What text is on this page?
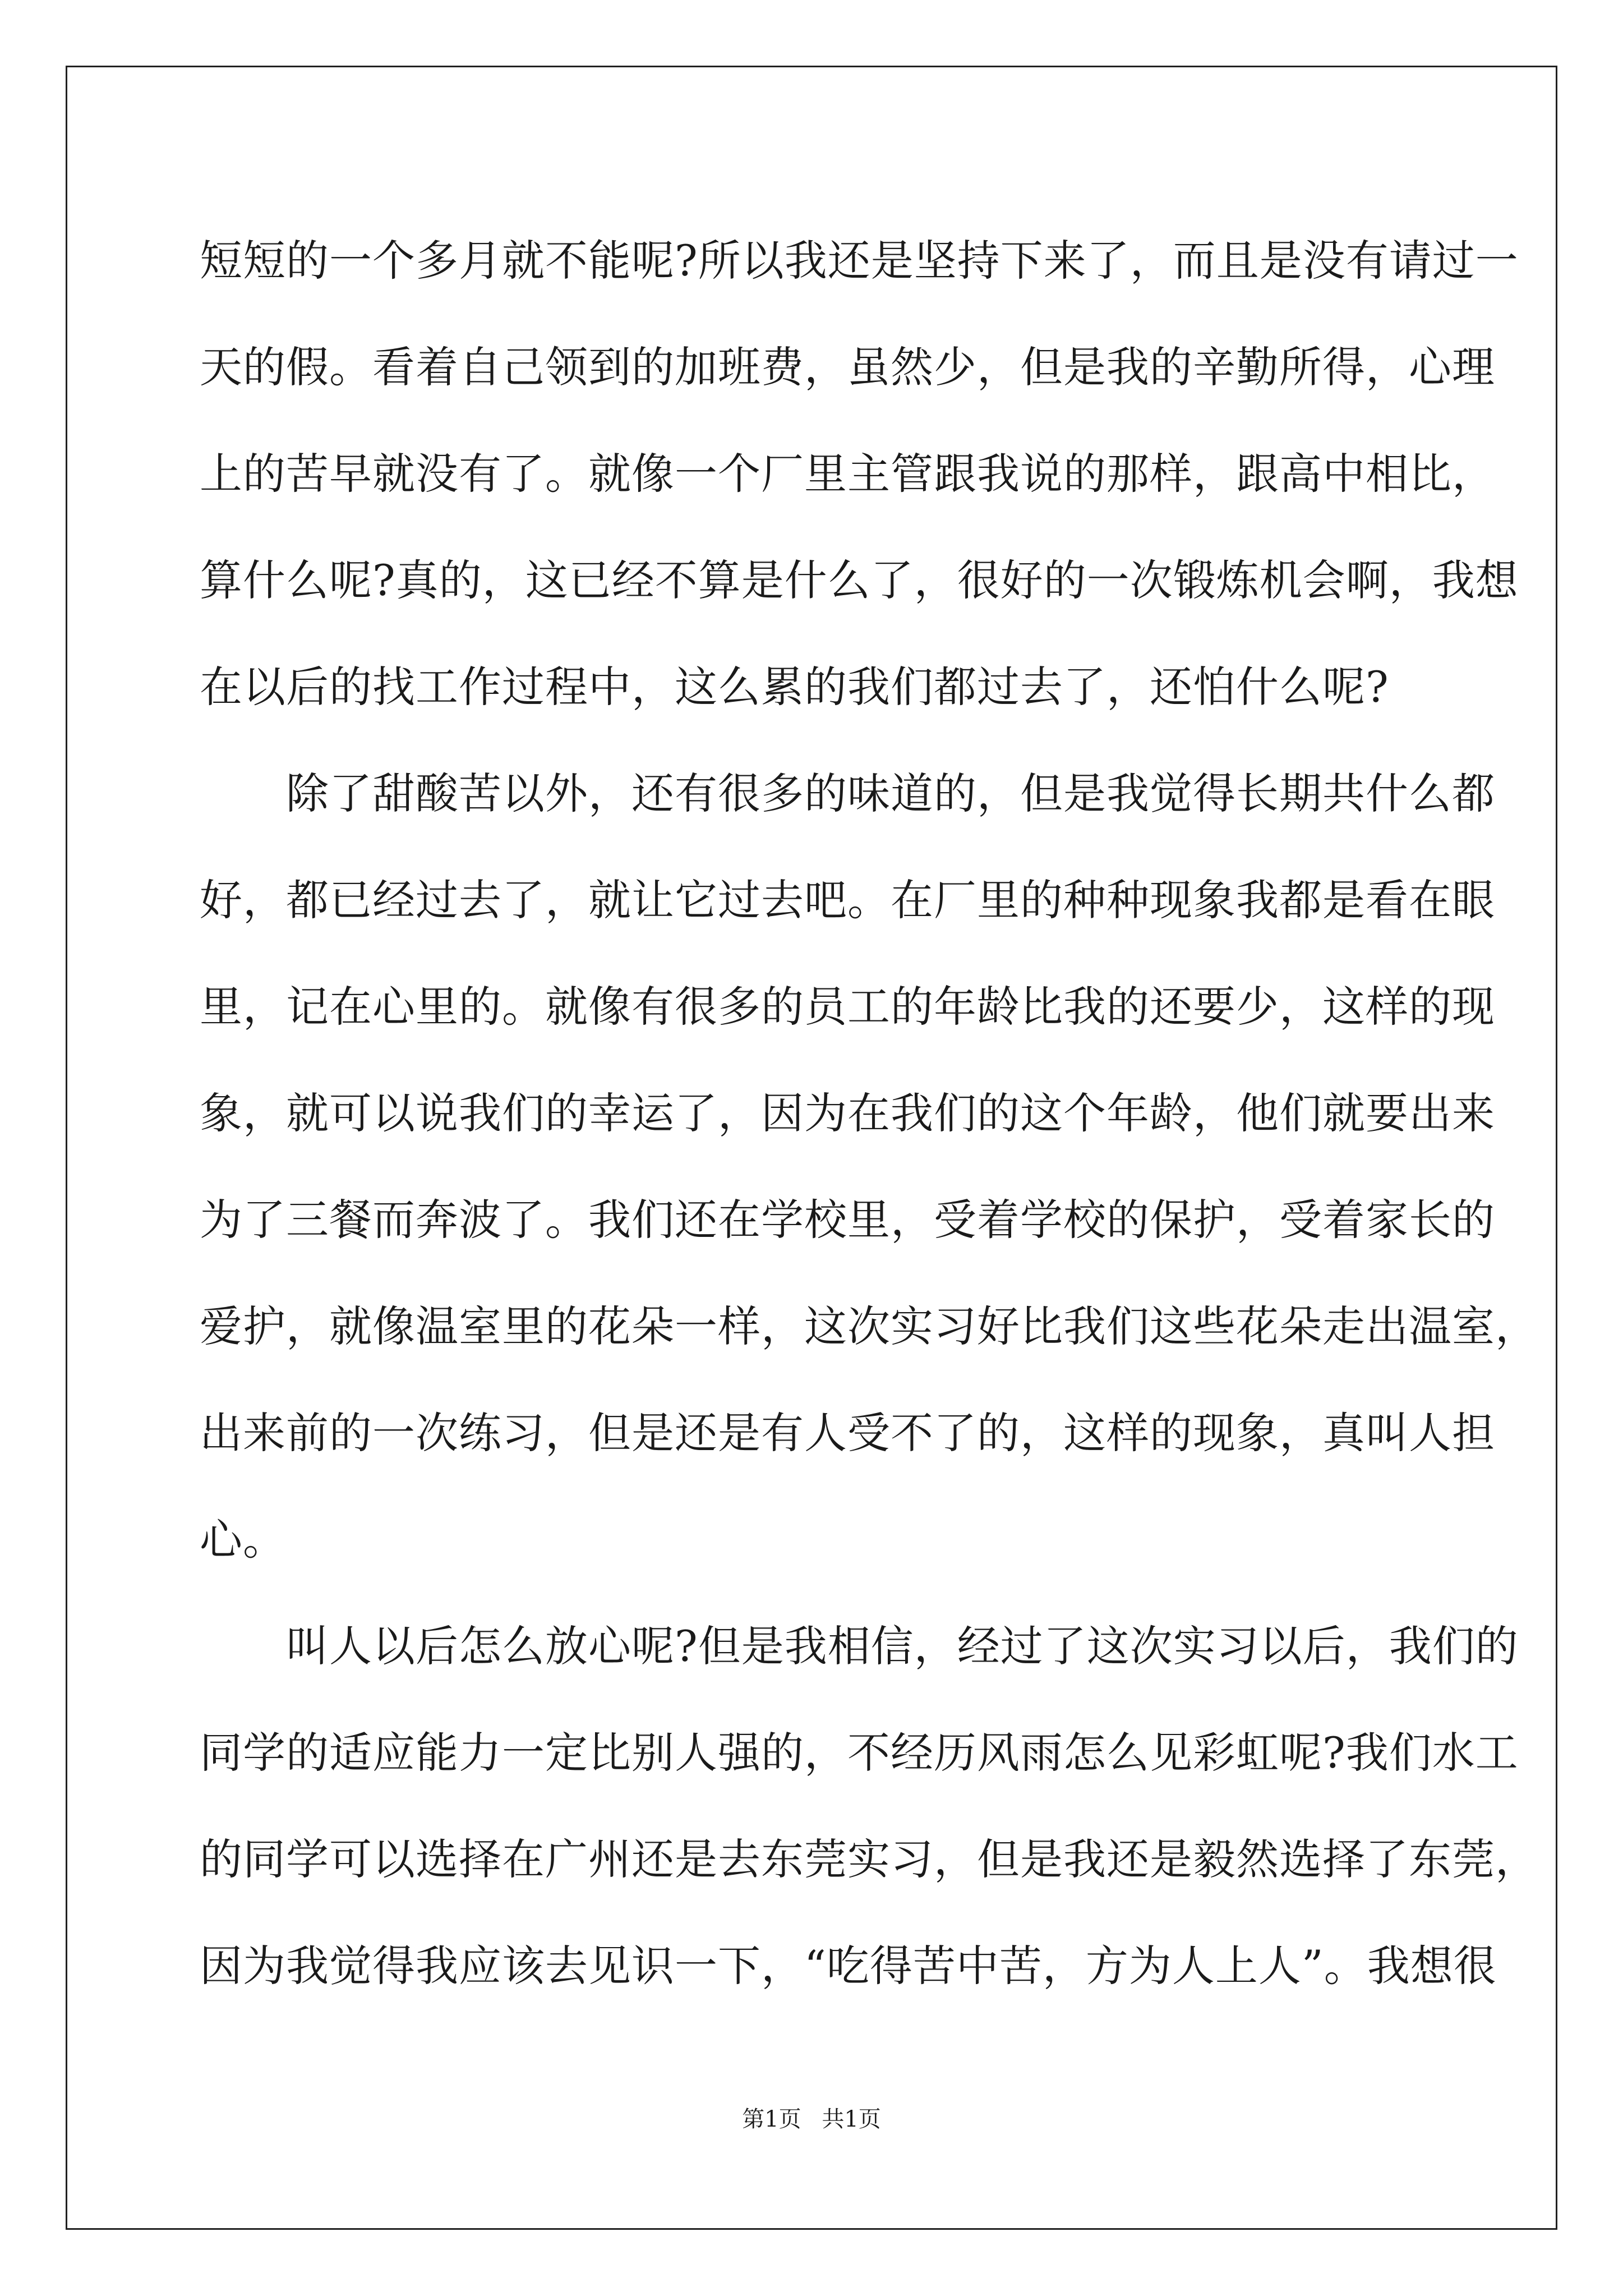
短短的一个多月就不能呢?所以我还是坚持下来了，而且是没有请过一
天的假。看着自己领到的加班费，虽然少，但是我的辛勤所得，心理
上的苦早就没有了。就像一个厂里主管跟我说的那样，跟高中相比，
算什么呢?真的，这已经不算是什么了，很好的一次锻炼机会啊，我想
在以后的找工作过程中，这么累的我们都过去了，还怕什么呢?
　　除了甜酸苦以外，还有很多的味道的，但是我觉得长期共什么都
好，都已经过去了，就让它过去吧。在厂里的种种现象我都是看在眼
里，记在心里的。就像有很多的员工的年龄比我的还要少，这样的现
象，就可以说我们的幸运了，因为在我们的这个年龄，他们就要出来
为了三餐而奔波了。我们还在学校里，受着学校的保护，受着家长的
爱护，就像温室里的花朵一样，这次实习好比我们这些花朵走出温室，
出来前的一次练习，但是还是有人受不了的，这样的现象，真叫人担
心。
　　叫人以后怎么放心呢?但是我相信，经过了这次实习以后，我们的
同学的适应能力一定比别人强的，不经历风雨怎么见彩虹呢?我们水工
的同学可以选择在广州还是去东莞实习，但是我还是毅然选择了东莞，
因为我觉得我应该去见识一下，“吃得苦中苦，方为人上人”。我想很
第1页 共1页
